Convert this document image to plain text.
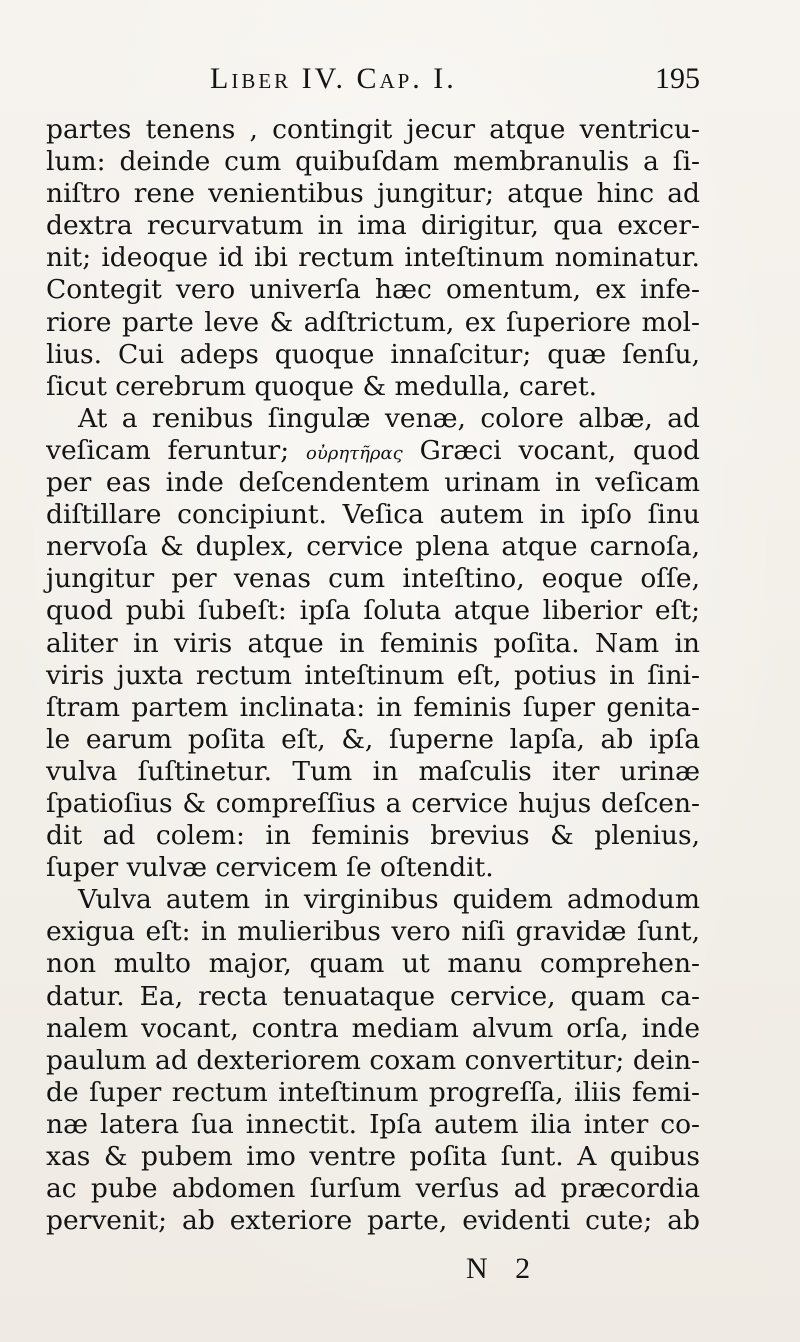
Liber IV. Cap. I.	195
partes tenens , contingit jecur atque ventricu-
lum: deinde cum quibuſdam membranulis a ſi-
niſtro rene venientibus jungitur; atque hinc ad
dextra recurvatum in ima dirigitur, qua excer-
nit; ideoque id ibi rectum inteſtinum nominatur.
Contegit vero univerſa hæc omentum, ex infe-
riore parte leve & adſtrictum, ex ſuperiore mol-
lius. Cui adeps quoque innaſcitur; quæ ſenſu,
ſicut cerebrum quoque & medulla, caret.
At a renibus ſingulæ venæ, colore albæ, ad
veſicam feruntur; οὐρητῆρας Græci vocant, quod
per eas inde deſcendentem urinam in veſicam
diſtillare concipiunt. Veſica autem in ipſo ſinu
nervoſa & duplex, cervice plena atque carnoſa,
jungitur per venas cum inteſtino, eoque oſſe,
quod pubi ſubeſt: ipſa ſoluta atque liberior eſt;
aliter in viris atque in feminis poſita. Nam in
viris juxta rectum inteſtinum eſt, potius in ſini-
ſtram partem inclinata: in feminis ſuper genita-
le earum poſita eſt, &, ſuperne lapſa, ab ipſa
vulva ſuſtinetur. Tum in maſculis iter urinæ
ſpatioſius & compreſſius a cervice hujus deſcen-
dit ad colem: in feminis brevius & plenius,
ſuper vulvæ cervicem ſe oſtendit.
Vulva autem in virginibus quidem admodum
exigua eſt: in mulieribus vero niſi gravidæ ſunt,
non multo major, quam ut manu comprehen-
datur. Ea, recta tenuataque cervice, quam ca-
nalem vocant, contra mediam alvum orſa, inde
paulum ad dexteriorem coxam convertitur; dein-
de ſuper rectum inteſtinum progreſſa, iliis femi-
næ latera ſua innectit. Ipſa autem ilia inter co-
xas & pubem imo ventre poſita ſunt. A quibus
ac pube abdomen ſurſum verſus ad præcordia
pervenit; ab exteriore parte, evidenti cute; ab
N 2
